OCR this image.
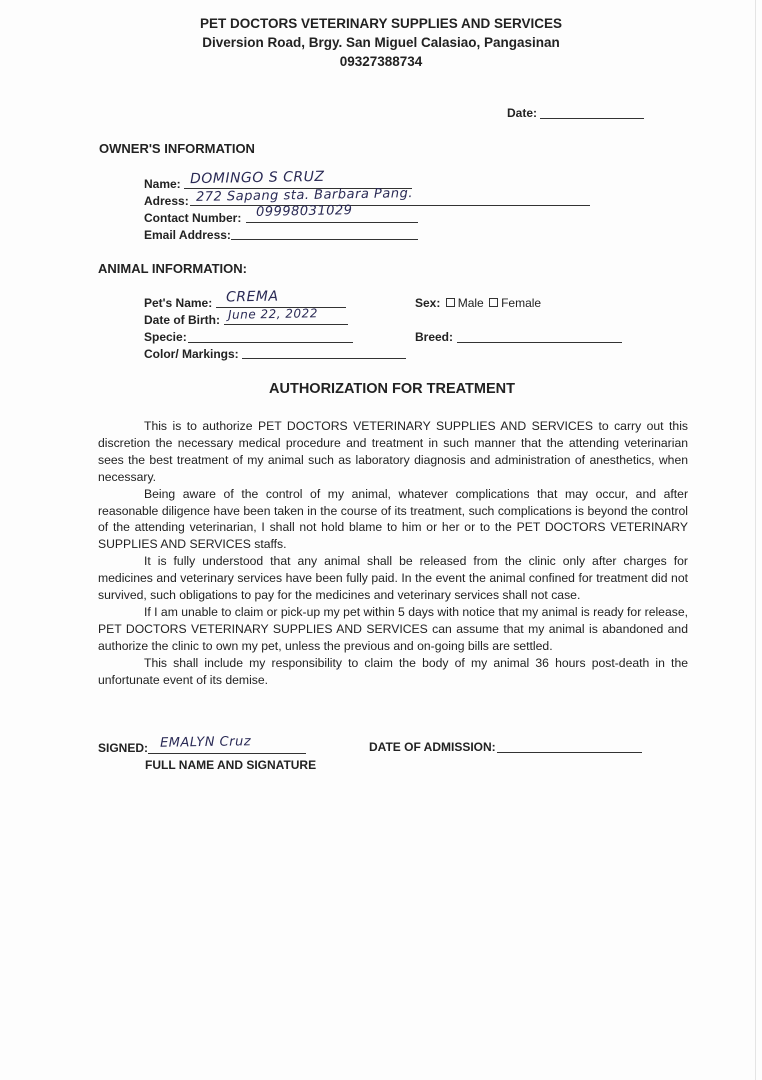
PET DOCTORS VETERINARY SUPPLIES AND SERVICES
Diversion Road, Brgy. San Miguel Calasiao, Pangasinan
09327388734
Date:
OWNER'S INFORMATION
Name: DOMINGO S CRUZ
Adress: 272 Sapang sta. Barbara Pang.
Contact Number: 09998031029
Email Address:
ANIMAL INFORMATION:
Pet's Name: CREMA
Date of Birth: June 22, 2022
Specie:
Color/ Markings:
Sex: Male Female
Breed:
AUTHORIZATION FOR TREATMENT

This is to authorize PET DOCTORS VETERINARY SUPPLIES AND SERVICES to carry out this discretion the necessary medical procedure and treatment in such manner that the attending veterinarian sees the best treatment of my animal such as laboratory diagnosis and administration of anesthetics, when necessary.

Being aware of the control of my animal, whatever complications that may occur, and after reasonable diligence have been taken in the course of its treatment, such complications is beyond the control of the attending veterinarian, I shall not hold blame to him or her or to the PET DOCTORS VETERINARY SUPPLIES AND SERVICES staffs.

It is fully understood that any animal shall be released from the clinic only after charges for medicines and veterinary services have been fully paid. In the event the animal confined for treatment did not survived, such obligations to pay for the medicines and veterinary services shall not case.

If I am unable to claim or pick-up my pet within 5 days with notice that my animal is ready for release, PET DOCTORS VETERINARY SUPPLIES AND SERVICES can assume that my animal is abandoned and authorize the clinic to own my pet, unless the previous and on-going bills are settled.

This shall include my responsibility to claim the body of my animal 36 hours post-death in the unfortunate event of its demise.

SIGNED: EMALYN Cruz
FULL NAME AND SIGNATURE
DATE OF ADMISSION:
